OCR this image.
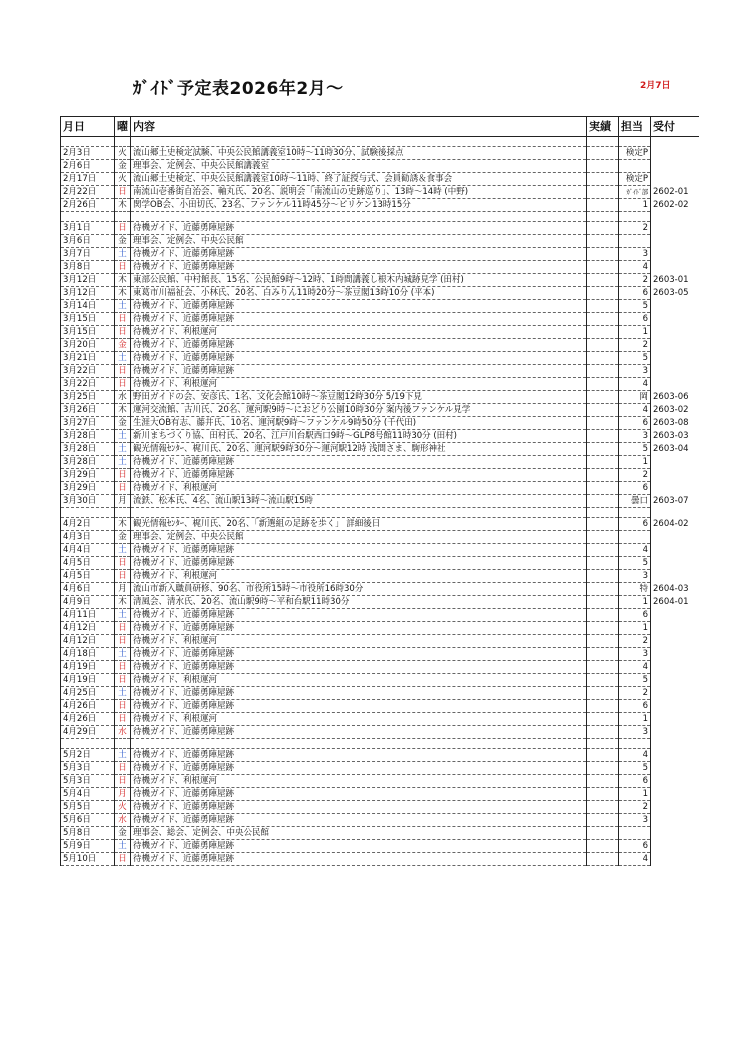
ｶﾞｲﾄﾞ予定表2026年2月～	2月7日
月日	曜	内容	実績	担当	受付

2月3日	火	流山郷土史検定試験、中央公民館講義室10時～11時30分、試験後採点		検定P	
2月6日	金	理事会、定例会、中央公民館講義室			
2月17日	火	流山郷土史検定、中央公民館講義室10時～11時、終了証授与式、会員勧誘＆食事会		検定P	
2月22日	日	南流山壱番街自治会、軸丸氏、20名、説明会「南流山の史跡巡り」、13時～14時 (中野)		ｶﾞｲﾄﾞ部	2602-01
2月26日	木	関学OB会、小田切氏、23名、ファンケル11時45分～ピリケン13時15分		1	2602-02

3月1日	日	待機ガイド、近藤勇陣屋跡		2	
3月6日	金	理事会、定例会、中央公民館			
3月7日	土	待機ガイド、近藤勇陣屋跡		3	
3月8日	日	待機ガイド、近藤勇陣屋跡		4	
3月12日	木	東部公民館、中村館長、15名、公民館9時～12時、1時間講義し根木内城跡見学 (田村)		2	2603-01
3月12日	木	東葛市川福祉会、小林氏、20名、白みりん11時20分～茶豆閣13時10分 (平本)		6	2603-05
3月14日	土	待機ガイド、近藤勇陣屋跡		5	
3月15日	日	待機ガイド、近藤勇陣屋跡		6	
3月15日	日	待機ガイド、利根運河		1	
3月20日	金	待機ガイド、近藤勇陣屋跡		2	
3月21日	土	待機ガイド、近藤勇陣屋跡		5	
3月22日	日	待機ガイド、近藤勇陣屋跡		3	
3月22日	日	待機ガイド、利根運河		4	
3月25日	水	野田ガイドの会、安彦氏、1名、文化会館10時～茶豆閣12時30分 5/19下見		岡	2603-06
3月26日	木	運河交流館、古川氏、20名、運河駅9時～におどり公園10時30分 案内後ファンケル見学		4	2603-02
3月27日	金	生涯大OB有志、藤井氏、10名、運河駅9時～ファンケル9時50分 (千代田)		6	2603-08
3月28日	土	新川まちづくり協、田村氏、20名、江戸川台駅西口9時～GLP8号館11時30分 (田村)		3	2603-03
3月28日	土	観光情報ｾﾝﾀｰ、梶川氏、20名、運河駅9時30分～運河駅12時 浅間さま、駒形神社		5	2603-04
3月28日	土	待機ガイド、近藤勇陣屋跡		1	
3月29日	日	待機ガイド、近藤勇陣屋跡		2	
3月29日	日	待機ガイド、利根運河		6	
3月30日	月	流鉄、松本氏、4名、流山駅13時～流山駅15時		曇口	2603-07

4月2日	木	観光情報ｾﾝﾀｰ、梶川氏、20名、「新選組の足跡を歩く」 詳細後日		6	2604-02
4月3日	金	理事会、定例会、中央公民館			
4月4日	土	待機ガイド、近藤勇陣屋跡		4	
4月5日	日	待機ガイド、近藤勇陣屋跡		5	
4月5日	日	待機ガイド、利根運河		3	
4月6日	月	流山市新入職員研修、90名、市役所15時～市役所16時30分		特	2604-03
4月9日	木	清風会、清水氏、20名、流山駅9時～平和台駅11時30分		1	2604-01
4月11日	土	待機ガイド、近藤勇陣屋跡		6	
4月12日	日	待機ガイド、近藤勇陣屋跡		1	
4月12日	日	待機ガイド、利根運河		2	
4月18日	土	待機ガイド、近藤勇陣屋跡		3	
4月19日	日	待機ガイド、近藤勇陣屋跡		4	
4月19日	日	待機ガイド、利根運河		5	
4月25日	土	待機ガイド、近藤勇陣屋跡		2	
4月26日	日	待機ガイド、近藤勇陣屋跡		6	
4月26日	日	待機ガイド、利根運河		1	
4月29日	水	待機ガイド、近藤勇陣屋跡		3	

5月2日	土	待機ガイド、近藤勇陣屋跡		4	
5月3日	日	待機ガイド、近藤勇陣屋跡		5	
5月3日	日	待機ガイド、利根運河		6	
5月4日	月	待機ガイド、近藤勇陣屋跡		1	
5月5日	火	待機ガイド、近藤勇陣屋跡		2	
5月6日	水	待機ガイド、近藤勇陣屋跡		3	
5月8日	金	理事会、総会、定例会、中央公民館			
5月9日	土	待機ガイド、近藤勇陣屋跡		6	
5月10日	日	待機ガイド、近藤勇陣屋跡		4	
